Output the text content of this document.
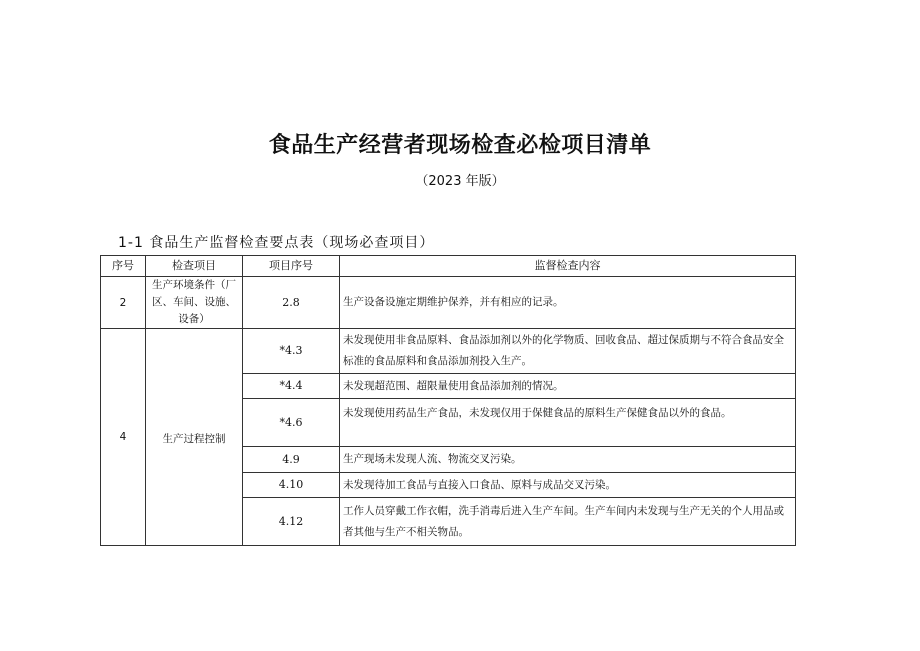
食品生产经营者现场检查必检项目清单

（2023 年版）

1-1 食品生产监督检查要点表（现场必查项目）

序号	检查项目	项目序号	监督检查内容
2	生产环境条件（厂区、车间、设施、设备）	2.8	生产设备设施定期维护保养，并有相应的记录。
4	生产过程控制	*4.3	未发现使用非食品原料、食品添加剂以外的化学物质、回收食品、超过保质期与不符合食品安全标准的食品原料和食品添加剂投入生产。
		*4.4	未发现超范围、超限量使用食品添加剂的情况。
		*4.6	未发现使用药品生产食品，未发现仅用于保健食品的原料生产保健食品以外的食品。
		4.9	生产现场未发现人流、物流交叉污染。
		4.10	未发现待加工食品与直接入口食品、原料与成品交叉污染。
		4.12	工作人员穿戴工作衣帽，洗手消毒后进入生产车间。生产车间内未发现与生产无关的个人用品或者其他与生产不相关物品。
